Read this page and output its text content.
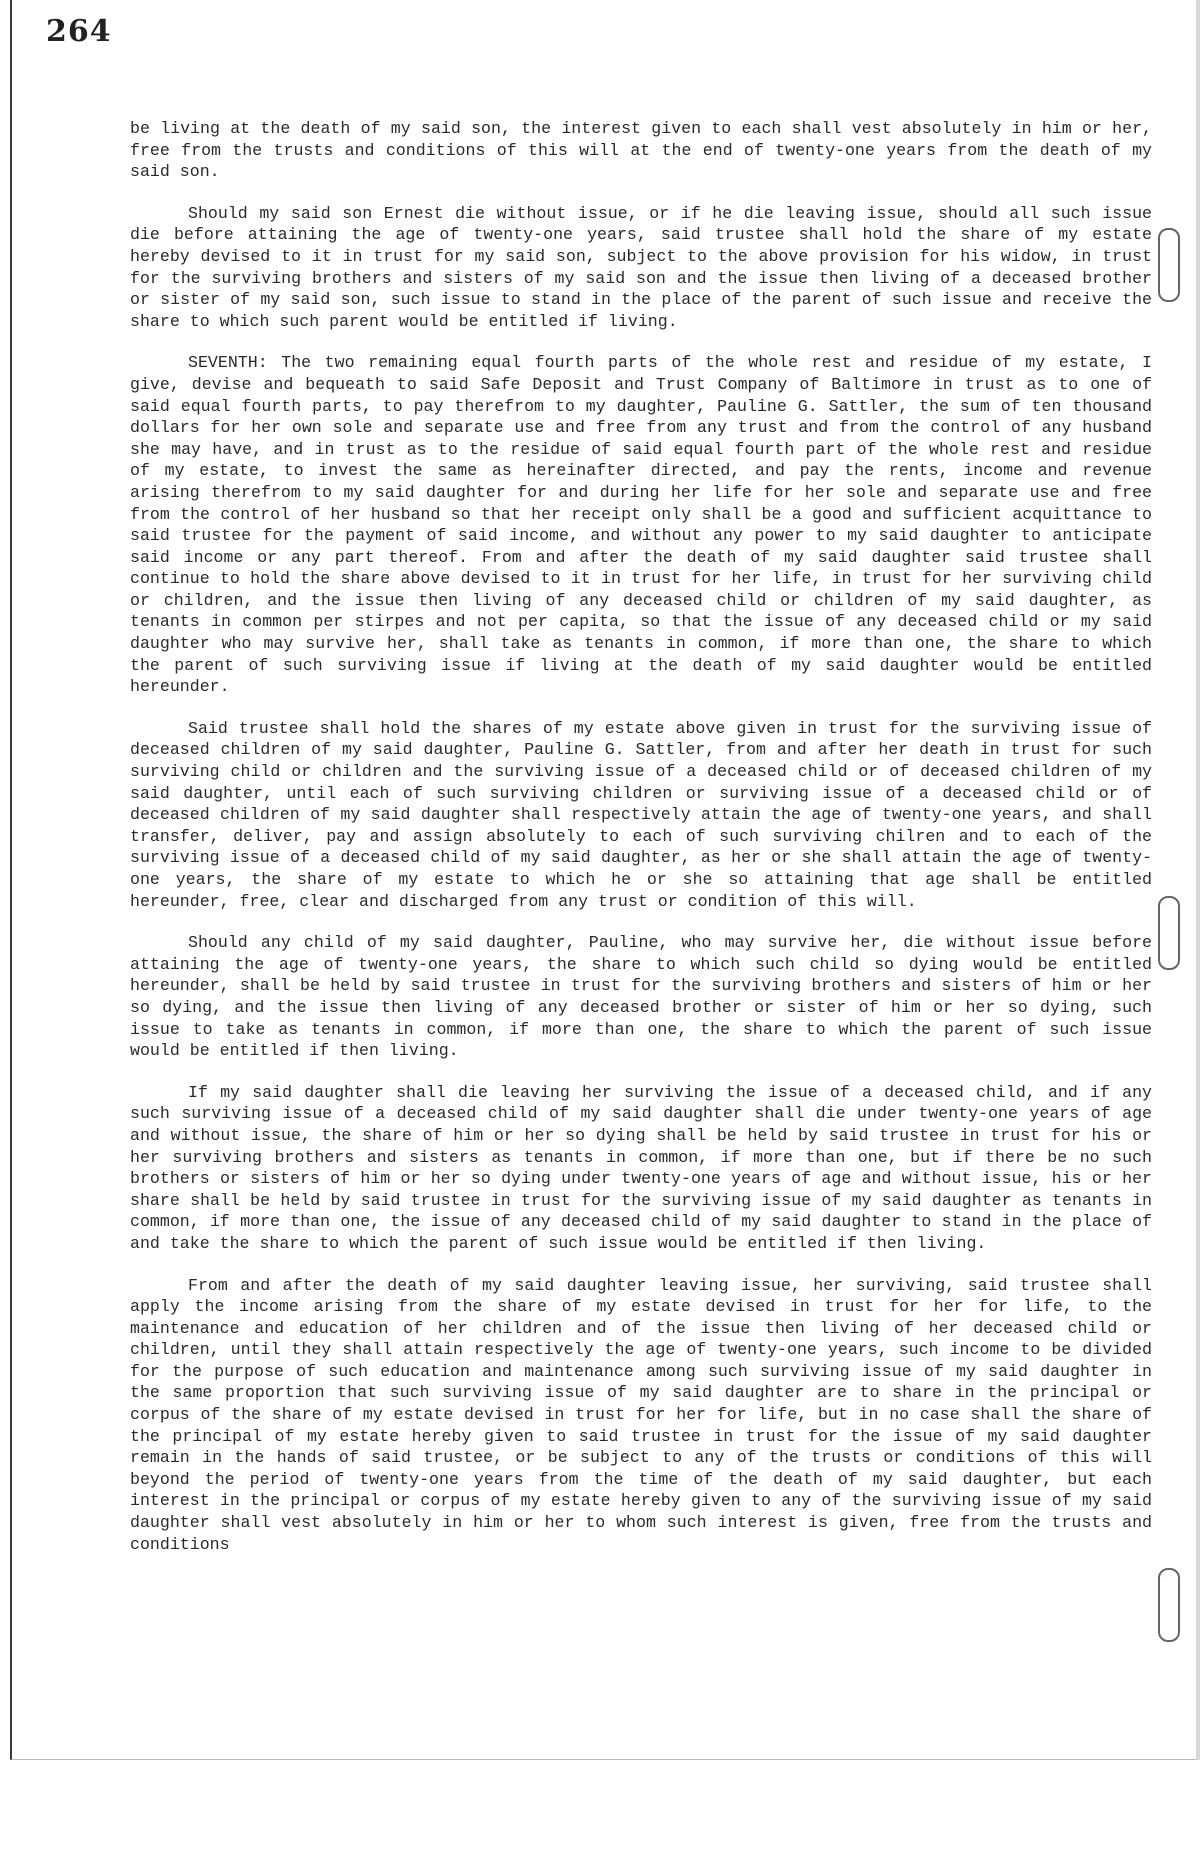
264

be living at the death of my said son, the interest given to each shall vest absolutely in him or her, free from the trusts and conditions of this will at the end of twenty-one years from the death of my said son.

Should my said son Ernest die without issue, or if he die leaving issue, should all such issue die before attaining the age of twenty-one years, said trustee shall hold the share of my estate hereby devised to it in trust for my said son, subject to the above provision for his widow, in trust for the surviving brothers and sisters of my said son and the issue then living of a deceased brother or sister of my said son, such issue to stand in the place of the parent of such issue and receive the share to which such parent would be entitled if living.

SEVENTH: The two remaining equal fourth parts of the whole rest and residue of my estate, I give, devise and bequeath to said Safe Deposit and Trust Company of Baltimore in trust as to one of said equal fourth parts, to pay therefrom to my daughter, Pauline G. Sattler, the sum of ten thousand dollars for her own sole and separate use and free from any trust and from the control of any husband she may have, and in trust as to the residue of said equal fourth part of the whole rest and residue of my estate, to invest the same as hereinafter directed, and pay the rents, income and revenue arising therefrom to my said daughter for and during her life for her sole and separate use and free from the control of her husband so that her receipt only shall be a good and sufficient acquittance to said trustee for the payment of said income, and without any power to my said daughter to anticipate said income or any part thereof. From and after the death of my said daughter said trustee shall continue to hold the share above devised to it in trust for her life, in trust for her surviving child or children, and the issue then living of any deceased child or children of my said daughter, as tenants in common per stirpes and not per capita, so that the issue of any deceased child or my said daughter who may survive her, shall take as tenants in common, if more than one, the share to which the parent of such surviving issue if living at the death of my said daughter would be entitled hereunder.

Said trustee shall hold the shares of my estate above given in trust for the surviving issue of deceased children of my said daughter, Pauline G. Sattler, from and after her death in trust for such surviving child or children and the surviving issue of a deceased child or of deceased children of my said daughter, until each of such surviving children or surviving issue of a deceased child or of deceased children of my said daughter shall respectively attain the age of twenty-one years, and shall transfer, deliver, pay and assign absolutely to each of such surviving chilren and to each of the surviving issue of a deceased child of my said daughter, as her or she shall attain the age of twenty-one years, the share of my estate to which he or she so attaining that age shall be entitled hereunder, free, clear and discharged from any trust or condition of this will.

Should any child of my said daughter, Pauline, who may survive her, die without issue before attaining the age of twenty-one years, the share to which such child so dying would be entitled hereunder, shall be held by said trustee in trust for the surviving brothers and sisters of him or her so dying, and the issue then living of any deceased brother or sister of him or her so dying, such issue to take as tenants in common, if more than one, the share to which the parent of such issue would be entitled if then living.

If my said daughter shall die leaving her surviving the issue of a deceased child, and if any such surviving issue of a deceased child of my said daughter shall die under twenty-one years of age and without issue, the share of him or her so dying shall be held by said trustee in trust for his or her surviving brothers and sisters as tenants in common, if more than one, but if there be no such brothers or sisters of him or her so dying under twenty-one years of age and without issue, his or her share shall be held by said trustee in trust for the surviving issue of my said daughter as tenants in common, if more than one, the issue of any deceased child of my said daughter to stand in the place of and take the share to which the parent of such issue would be entitled if then living.

From and after the death of my said daughter leaving issue, her surviving, said trustee shall apply the income arising from the share of my estate devised in trust for her for life, to the maintenance and education of her children and of the issue then living of her deceased child or children, until they shall attain respectively the age of twenty-one years, such income to be divided for the purpose of such education and maintenance among such surviving issue of my said daughter in the same proportion that such surviving issue of my said daughter are to share in the principal or corpus of the share of my estate devised in trust for her for life, but in no case shall the share of the principal of my estate hereby given to said trustee in trust for the issue of my said daughter remain in the hands of said trustee, or be subject to any of the trusts or conditions of this will beyond the period of twenty-one years from the time of the death of my said daughter, but each interest in the principal or corpus of my estate hereby given to any of the surviving issue of my said daughter shall vest absolutely in him or her to whom such interest is given, free from the trusts and conditions
